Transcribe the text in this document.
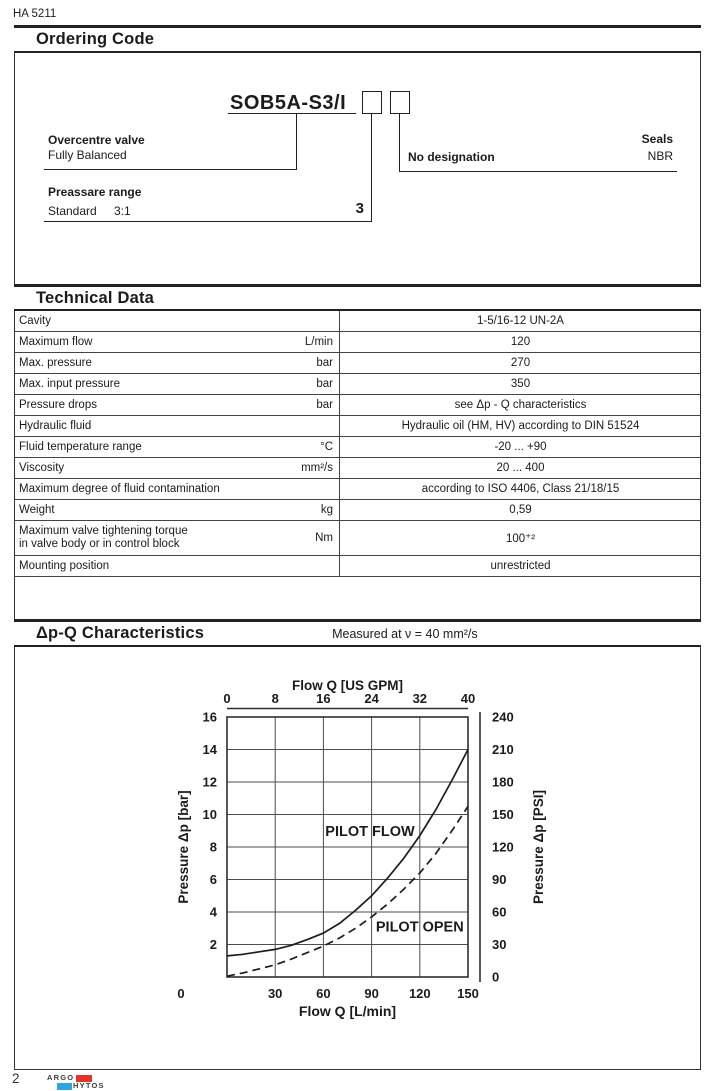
HA 5211
Ordering Code
SOB5A-S3/I
Overcentre valve
Fully Balanced
Preassare range
Standard 3:1	3
No designation
Seals
NBR
Technical Data
Cavity	1-5/16-12 UN-2A
Maximum flow	L/min	120
Max. pressure	bar	270
Max. input pressure	bar	350
Pressure drops	bar	see Δp - Q characteristics
Hydraulic fluid	Hydraulic oil (HM, HV) according to DIN 51524
Fluid temperature range	°C	-20 ... +90
Viscosity	mm²/s	20 ... 400
Maximum degree of fluid contamination	according to ISO 4406, Class 21/18/15
Weight	kg	0,59
Maximum valve tightening torque
in valve body or in control block	Nm	100⁺²
Mounting position	unrestricted
Δp-Q Characteristics	Measured at ν = 40 mm²/s
Flow Q [US GPM]
0	8	16	24	32	40
2
4
6
8
10
12
14
16
Pressure Δp [bar]
0
30
60
90
120
150
180
210
240
Pressure Δp [PSI]
0	30	60	90 120 150
Flow Q [L/min]
PILOT FLOW
PILOT OPEN
2	ARGO
HYTOS
